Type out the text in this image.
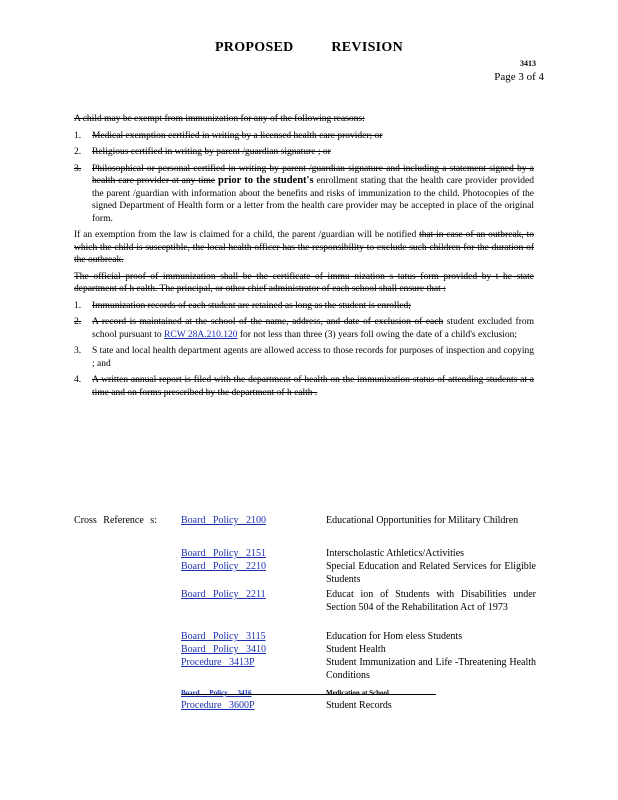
PROPOSED REVISION
3413
Page 3 of 4

A child may be exempt from immunization for any of the following reasons:

1. Medical exemption certified in writing by a licensed health care provider; or

2. Religious certified in writing by parent /guardian signature ; or

3. Philosophical or personal certified in writing by parent /guardian signature and including a statement signed by a health care provider at any time prior to the student's enrollment stating that the health care provider provided the parent /guardian with information about the benefits and risks of immunization to the child. Photocopies of the signed Department of Health form or a letter from the health care provider may be accepted in place of the original form.

If an exemption from the law is claimed for a child, the parent /guardian will be notified that in case of an outbreak, to which the child is susceptible, the local health officer has the responsibility to exclude such children for the duration of the outbreak.

The official proof of immunization shall be the certificate of immu nization s tatus form provided by t he state department of h ealth. The principal, or other chief administrator of each school shall ensure that :

1. Immunization records of each student are retained as long as the student is enrolled;

2. A record is maintained at the school of the name, address, and date of exclusion of each student excluded from school pursuant to RCW 28A.210.120 for not less than three (3) years foll owing the date of a child's exclusion;

3. S tate and local health department agents are allowed access to those records for purposes of inspection and copying ; and

4. A written annual report is filed with the department of health on the immunization status of attending students at a time and on forms prescribed by the department of h ealth .

Cross Reference s: Board Policy 2100	Educational Opportunities for Military Children
Board Policy 2151	Interscholastic Athletics/Activities
Board Policy 2210	Special Education and Related Services for Eligible Students
Board Policy 2211	Educat ion of Students with Disabilities under Section 504 of the Rehabilitation Act of 1973
Board Policy 3115	Education for Hom eless Students
Board Policy 3410	Student Health
Procedure 3413P	Student Immunization and Life -Threatening Health Conditions
Board Policy 3416	Medication at School
Procedure 3600P	Student Records
